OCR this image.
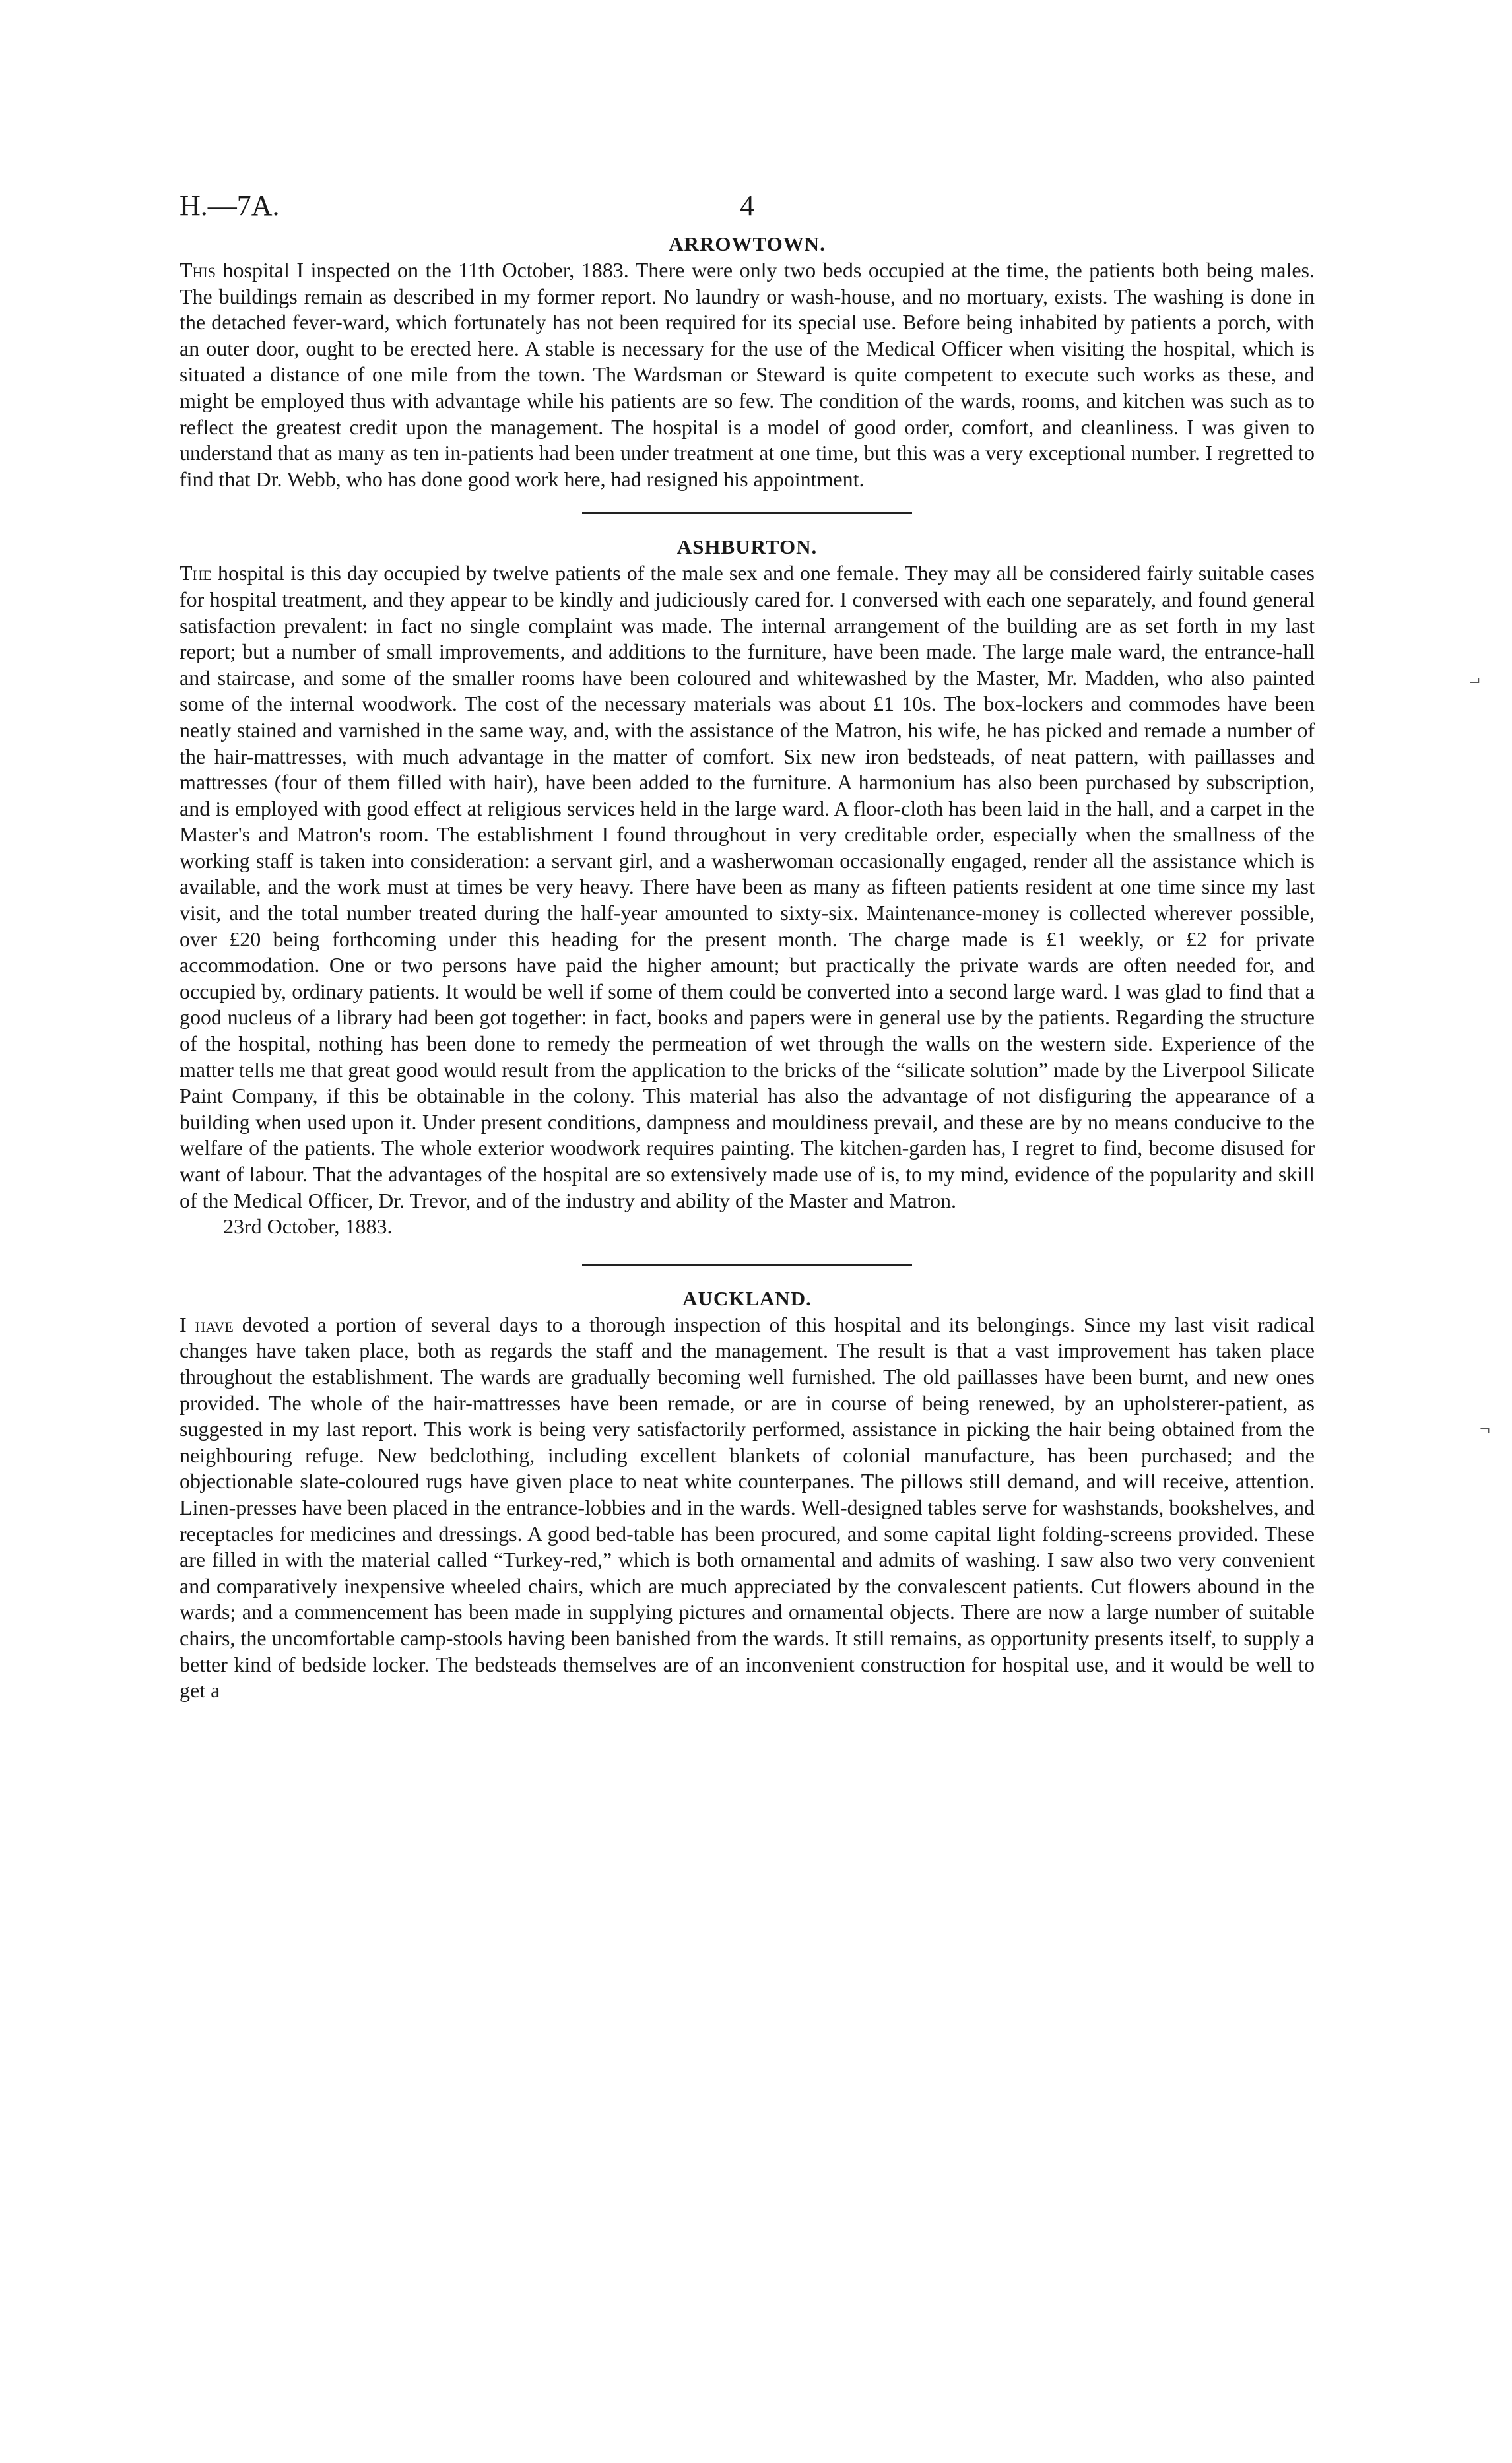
H.—7A.	4
ARROWTOWN.

This hospital I inspected on the 11th October, 1883. There were only two beds occupied at the time, the patients both being males. The buildings remain as described in my former report. No laundry or wash-house, and no mortuary, exists. The washing is done in the detached fever-ward, which fortunately has not been required for its special use. Before being inhabited by patients a porch, with an outer door, ought to be erected here. A stable is necessary for the use of the Medical Officer when visiting the hospital, which is situated a distance of one mile from the town. The Wardsman or Steward is quite competent to execute such works as these, and might be employed thus with advantage while his patients are so few. The condition of the wards, rooms, and kitchen was such as to reflect the greatest credit upon the management. The hospital is a model of good order, comfort, and cleanliness. I was given to understand that as many as ten in-patients had been under treatment at one time, but this was a very exceptional number. I regretted to find that Dr. Webb, who has done good work here, had resigned his appointment.

ASHBURTON.

The hospital is this day occupied by twelve patients of the male sex and one female. They may all be considered fairly suitable cases for hospital treatment, and they appear to be kindly and judiciously cared for. I conversed with each one separately, and found general satisfaction prevalent: in fact no single complaint was made. The internal arrangement of the building are as set forth in my last report; but a number of small improvements, and additions to the furniture, have been made. The large male ward, the entrance-hall and staircase, and some of the smaller rooms have been coloured and whitewashed by the Master, Mr. Madden, who also painted some of the internal woodwork. The cost of the necessary materials was about £1 10s. The box-lockers and commodes have been neatly stained and varnished in the same way, and, with the assistance of the Matron, his wife, he has picked and remade a number of the hair-mattresses, with much advantage in the matter of comfort. Six new iron bedsteads, of neat pattern, with paillasses and mattresses (four of them filled with hair), have been added to the furniture. A harmonium has also been purchased by subscription, and is employed with good effect at religious services held in the large ward. A floor-cloth has been laid in the hall, and a carpet in the Master's and Matron's room. The establishment I found throughout in very creditable order, especially when the smallness of the working staff is taken into consideration: a servant girl, and a washerwoman occasionally engaged, render all the assistance which is available, and the work must at times be very heavy. There have been as many as fifteen patients resident at one time since my last visit, and the total number treated during the half-year amounted to sixty-six. Maintenance-money is collected wherever possible, over £20 being forthcoming under this heading for the present month. The charge made is £1 weekly, or £2 for private accommodation. One or two persons have paid the higher amount; but practically the private wards are often needed for, and occupied by, ordinary patients. It would be well if some of them could be converted into a second large ward. I was glad to find that a good nucleus of a library had been got together: in fact, books and papers were in general use by the patients. Regarding the structure of the hospital, nothing has been done to remedy the permeation of wet through the walls on the western side. Experience of the matter tells me that great good would result from the application to the bricks of the “silicate solution” made by the Liverpool Silicate Paint Company, if this be obtainable in the colony. This material has also the advantage of not disfiguring the appearance of a building when used upon it. Under present conditions, dampness and mouldiness prevail, and these are by no means conducive to the welfare of the patients. The whole exterior woodwork requires painting. The kitchen-garden has, I regret to find, become disused for want of labour. That the advantages of the hospital are so extensively made use of is, to my mind, evidence of the popularity and skill of the Medical Officer, Dr. Trevor, and of the industry and ability of the Master and Matron.

23rd October, 1883.

AUCKLAND.

I have devoted a portion of several days to a thorough inspection of this hospital and its belongings. Since my last visit radical changes have taken place, both as regards the staff and the management. The result is that a vast improvement has taken place throughout the establishment. The wards are gradually becoming well furnished. The old paillasses have been burnt, and new ones provided. The whole of the hair-mattresses have been remade, or are in course of being renewed, by an upholsterer-patient, as suggested in my last report. This work is being very satisfactorily performed, assistance in picking the hair being obtained from the neighbouring refuge. New bedclothing, including excellent blankets of colonial manufacture, has been purchased; and the objectionable slate-coloured rugs have given place to neat white counterpanes. The pillows still demand, and will receive, attention. Linen-presses have been placed in the entrance-lobbies and in the wards. Well-designed tables serve for washstands, bookshelves, and receptacles for medicines and dressings. A good bed-table has been procured, and some capital light folding-screens provided. These are filled in with the material called “Turkey-red,” which is both ornamental and admits of washing. I saw also two very convenient and comparatively inexpensive wheeled chairs, which are much appreciated by the convalescent patients. Cut flowers abound in the wards; and a commencement has been made in supplying pictures and ornamental objects. There are now a large number of suitable chairs, the uncomfortable camp-stools having been banished from the wards. It still remains, as opportunity presents itself, to supply a better kind of bedside locker. The bedsteads themselves are of an inconvenient construction for hospital use, and it would be well to get a

⨼
¬
